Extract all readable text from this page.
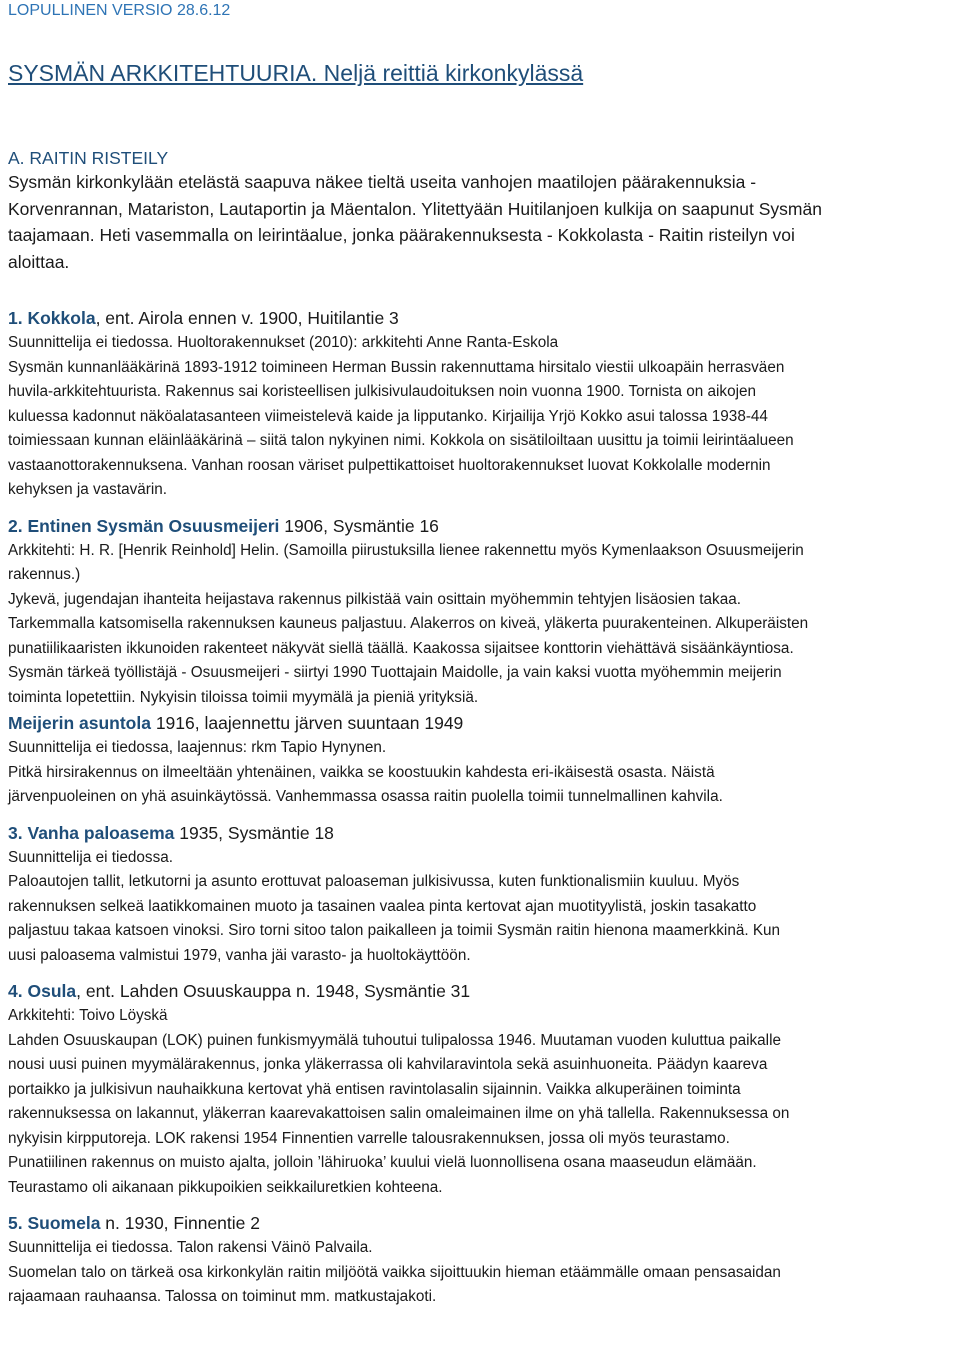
LOPULLINEN VERSIO 28.6.12
SYSMÄN ARKKITEHTUURIA. Neljä reittiä kirkonkylässä
A. RAITIN RISTEILY

Sysmän kirkonkylään etelästä saapuva näkee tieltä useita vanhojen maatilojen päärakennuksia -

Korvenrannan, Matariston, Lautaportin ja Mäentalon. Ylitettyään Huitilanjoen kulkija on saapunut Sysmän

taajamaan. Heti vasemmalla on leirintäalue, jonka päärakennuksesta - Kokkolasta - Raitin risteilyn voi

aloittaa.

1. Kokkola, ent. Airola ennen v. 1900, Huitilantie 3

Suunnittelija ei tiedossa. Huoltorakennukset (2010): arkkitehti Anne Ranta-Eskola

Sysmän kunnanlääkärinä 1893-1912 toimineen Herman Bussin rakennuttama hirsitalo viestii ulkoapäin herrasväen

huvila-arkkitehtuurista. Rakennus sai koristeellisen julkisivulaudoituksen noin vuonna 1900. Tornista on aikojen

kuluessa kadonnut näköalatasanteen viimeistelevä kaide ja lipputanko. Kirjailija Yrjö Kokko asui talossa 1938-44

toimiessaan kunnan eläinlääkärinä – siitä talon nykyinen nimi. Kokkola on sisätiloiltaan uusittu ja toimii leirintäalueen

vastaanottorakennuksena. Vanhan roosan väriset pulpettikattoiset huoltorakennukset luovat Kokkolalle modernin

kehyksen ja vastavärin.

2. Entinen Sysmän Osuusmeijeri 1906, Sysmäntie 16

Arkkitehti: H. R. [Henrik Reinhold] Helin. (Samoilla piirustuksilla lienee rakennettu myös Kymenlaakson Osuusmeijerin

rakennus.)

Jykevä, jugendajan ihanteita heijastava rakennus pilkistää vain osittain myöhemmin tehtyjen lisäosien takaa.

Tarkemmalla katsomisella rakennuksen kauneus paljastuu. Alakerros on kiveä, yläkerta puurakenteinen. Alkuperäisten

punatiilikaaristen ikkunoiden rakenteet näkyvät siellä täällä. Kaakossa sijaitsee konttorin viehättävä sisäänkäyntiosa.

Sysmän tärkeä työllistäjä - Osuusmeijeri - siirtyi 1990 Tuottajain Maidolle, ja vain kaksi vuotta myöhemmin meijerin

toiminta lopetettiin. Nykyisin tiloissa toimii myymälä ja pieniä yrityksiä.

Meijerin asuntola 1916, laajennettu järven suuntaan 1949

Suunnittelija ei tiedossa, laajennus: rkm Tapio Hynynen.

Pitkä hirsirakennus on ilmeeltään yhtenäinen, vaikka se koostuukin kahdesta eri-ikäisestä osasta. Näistä

järvenpuoleinen on yhä asuinkäytössä. Vanhemmassa osassa raitin puolella toimii tunnelmallinen kahvila.

3. Vanha paloasema 1935, Sysmäntie 18

Suunnittelija ei tiedossa.

Paloautojen tallit, letkutorni ja asunto erottuvat paloaseman julkisivussa, kuten funktionalismiin kuuluu. Myös

rakennuksen selkeä laatikkomainen muoto ja tasainen vaalea pinta kertovat ajan muotityylistä, joskin tasakatto

paljastuu takaa katsoen vinoksi. Siro torni sitoo talon paikalleen ja toimii Sysmän raitin hienona maamerkkinä. Kun

uusi paloasema valmistui 1979, vanha jäi varasto- ja huoltokäyttöön.

4. Osula, ent. Lahden Osuuskauppa n. 1948, Sysmäntie 31

Arkkitehti: Toivo Löyskä

Lahden Osuuskaupan (LOK) puinen funkismyymälä tuhoutui tulipalossa 1946. Muutaman vuoden kuluttua paikalle

nousi uusi puinen myymälärakennus, jonka yläkerrassa oli kahvilaravintola sekä asuinhuoneita. Päädyn kaareva

portaikko ja julkisivun nauhaikkuna kertovat yhä entisen ravintolasalin sijainnin. Vaikka alkuperäinen toiminta

rakennuksessa on lakannut, yläkerran kaarevakattoisen salin omaleimainen ilme on yhä tallella. Rakennuksessa on

nykyisin kirpputoreja. LOK rakensi 1954 Finnentien varrelle talousrakennuksen, jossa oli myös teurastamo.

Punatiilinen rakennus on muisto ajalta, jolloin ’lähiruoka’ kuului vielä luonnollisena osana maaseudun elämään.

Teurastamo oli aikanaan pikkupoikien seikkailuretkien kohteena.

5. Suomela n. 1930, Finnentie 2

Suunnittelija ei tiedossa. Talon rakensi Väinö Palvaila.

Suomelan talo on tärkeä osa kirkonkylän raitin miljöötä vaikka sijoittuukin hieman etäämmälle omaan pensasaidan

rajaamaan rauhaansa. Talossa on toiminut mm. matkustajakoti.
